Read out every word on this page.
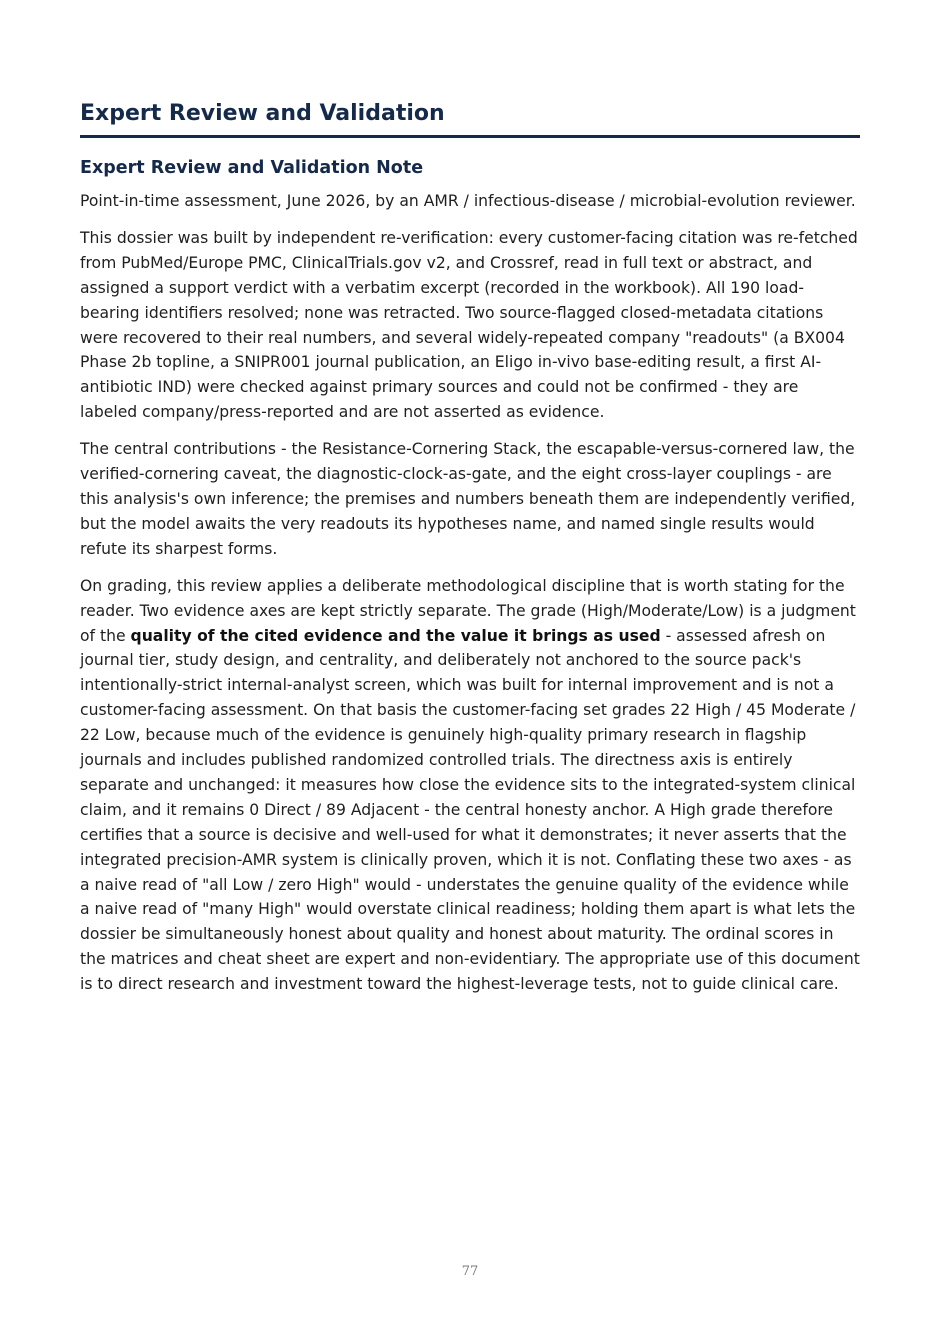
Expert Review and Validation
Expert Review and Validation Note

Point-in-time assessment, June 2026, by an AMR / infectious-disease / microbial-evolution reviewer.

This dossier was built by independent re-verification: every customer-facing citation was re-fetched from PubMed/Europe PMC, ClinicalTrials.gov v2, and Crossref, read in full text or abstract, and assigned a support verdict with a verbatim excerpt (recorded in the workbook). All 190 load-bearing identifiers resolved; none was retracted. Two source-flagged closed-metadata citations were recovered to their real numbers, and several widely-repeated company "readouts" (a BX004 Phase 2b topline, a SNIPR001 journal publication, an Eligo in-vivo base-editing result, a first AI-antibiotic IND) were checked against primary sources and could not be confirmed - they are labeled company/press-reported and are not asserted as evidence.

The central contributions - the Resistance-Cornering Stack, the escapable-versus-cornered law, the verified-cornering caveat, the diagnostic-clock-as-gate, and the eight cross-layer couplings - are this analysis's own inference; the premises and numbers beneath them are independently verified, but the model awaits the very readouts its hypotheses name, and named single results would refute its sharpest forms.

On grading, this review applies a deliberate methodological discipline that is worth stating for the reader. Two evidence axes are kept strictly separate. The grade (High/Moderate/Low) is a judgment of the quality of the cited evidence and the value it brings as used - assessed afresh on journal tier, study design, and centrality, and deliberately not anchored to the source pack's intentionally-strict internal-analyst screen, which was built for internal improvement and is not a customer-facing assessment. On that basis the customer-facing set grades 22 High / 45 Moderate / 22 Low, because much of the evidence is genuinely high-quality primary research in flagship journals and includes published randomized controlled trials. The directness axis is entirely separate and unchanged: it measures how close the evidence sits to the integrated-system clinical claim, and it remains 0 Direct / 89 Adjacent - the central honesty anchor. A High grade therefore certifies that a source is decisive and well-used for what it demonstrates; it never asserts that the integrated precision-AMR system is clinically proven, which it is not. Conflating these two axes - as a naive read of "all Low / zero High" would - understates the genuine quality of the evidence while a naive read of "many High" would overstate clinical readiness; holding them apart is what lets the dossier be simultaneously honest about quality and honest about maturity. The ordinal scores in the matrices and cheat sheet are expert and non-evidentiary. The appropriate use of this document is to direct research and investment toward the highest-leverage tests, not to guide clinical care.

77
